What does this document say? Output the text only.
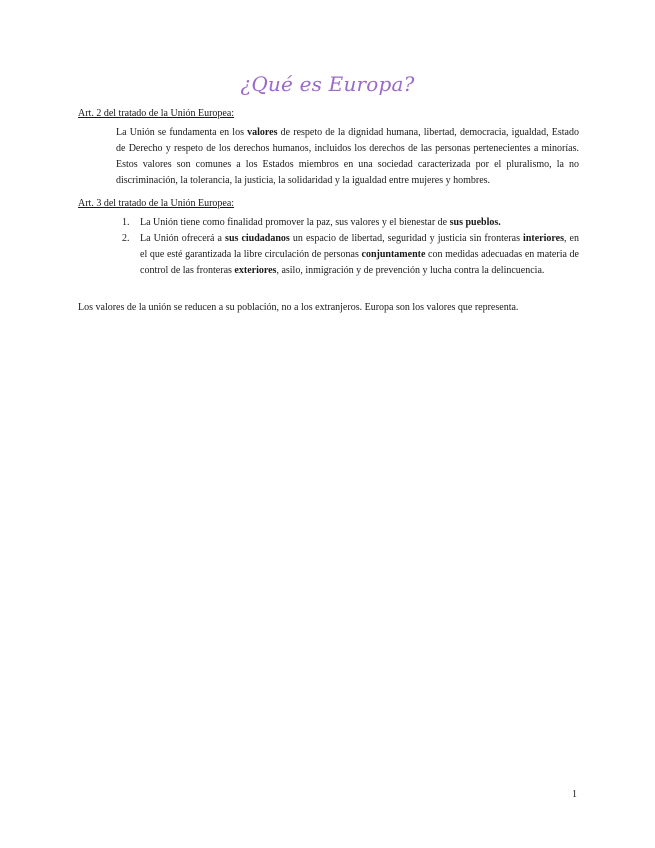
¿Qué es Europa?
Art. 2 del tratado de la Unión Europea:
La Unión se fundamenta en los valores de respeto de la dignidad humana, libertad, democracia, igualdad, Estado de Derecho y respeto de los derechos humanos, incluidos los derechos de las personas pertenecientes a minorías. Estos valores son comunes a los Estados miembros en una sociedad caracterizada por el pluralismo, la no discriminación, la tolerancia, la justicia, la solidaridad y la igualdad entre mujeres y hombres.
Art. 3 del tratado de la Unión Europea:
1. La Unión tiene como finalidad promover la paz, sus valores y el bienestar de sus pueblos.
2. La Unión ofrecerá a sus ciudadanos un espacio de libertad, seguridad y justicia sin fronteras interiores, en el que esté garantizada la libre circulación de personas conjuntamente con medidas adecuadas en materia de control de las fronteras exteriores, asilo, inmigración y de prevención y lucha contra la delincuencia.
Los valores de la unión se reducen a su población, no a los extranjeros. Europa son los valores que representa.
1
